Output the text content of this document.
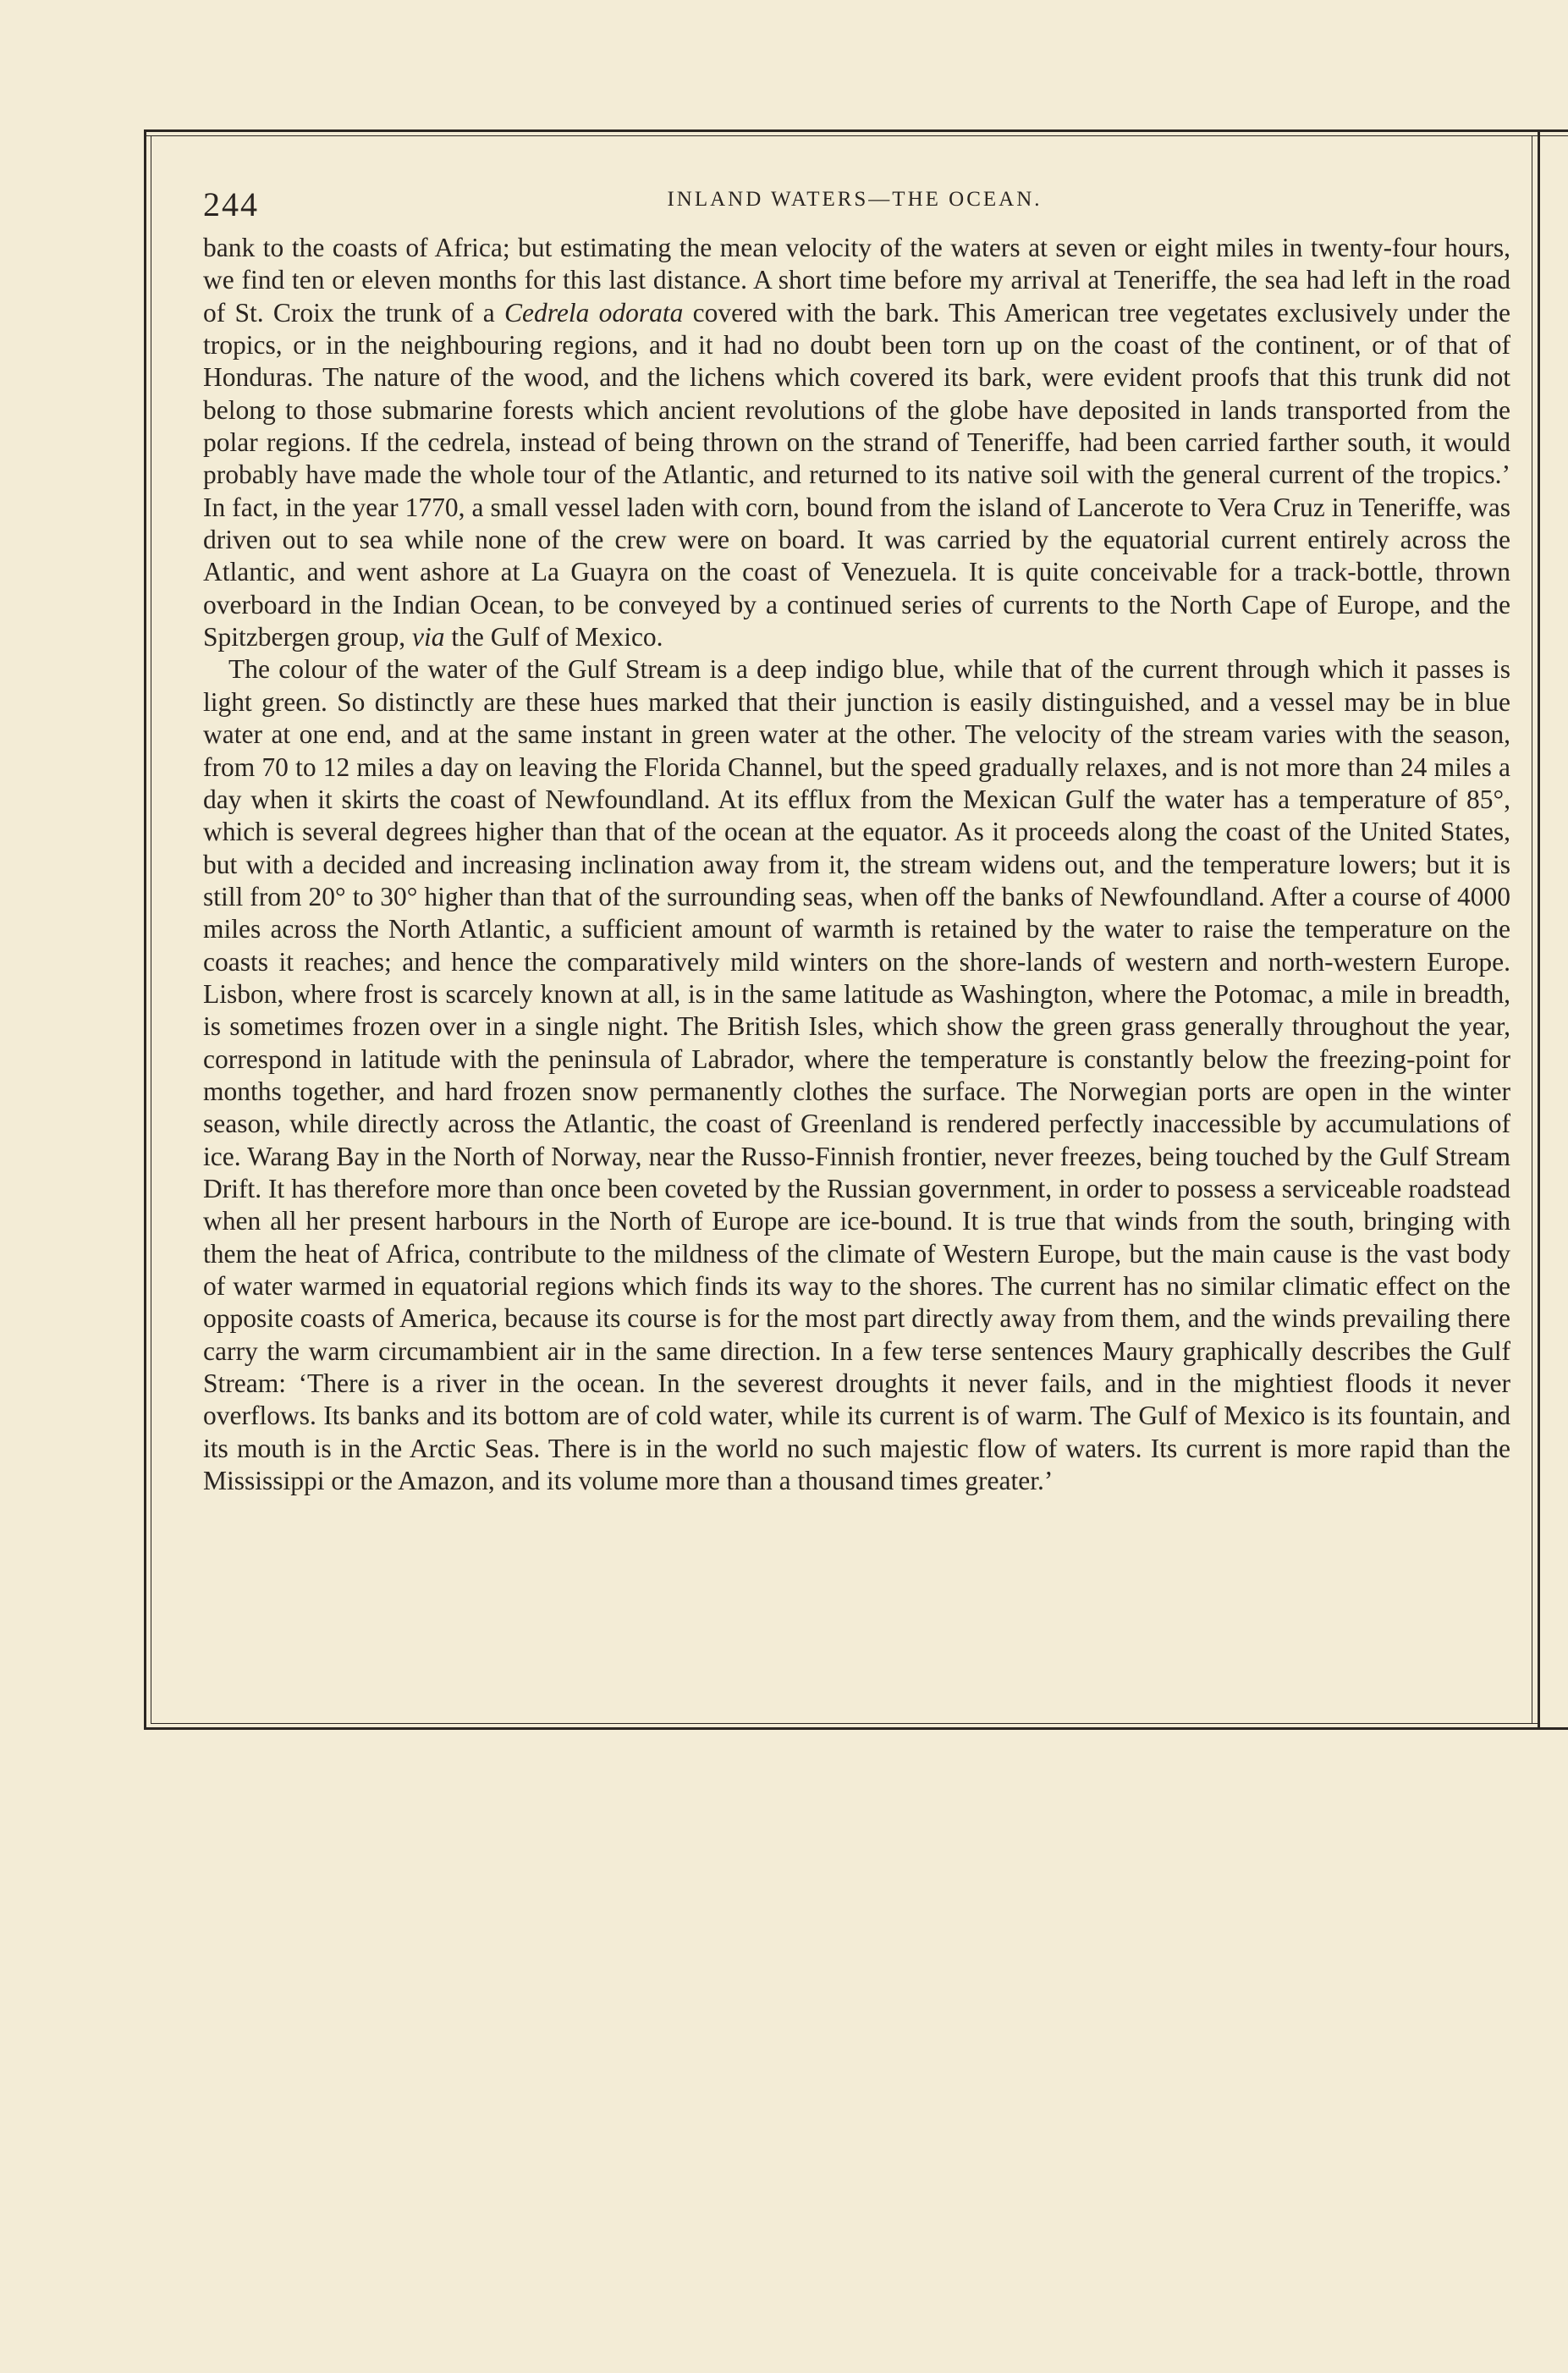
244	INLAND WATERS—THE OCEAN.

bank to the coasts of Africa; but estimating the mean velocity of the waters at seven or eight miles in twenty-four hours, we find ten or eleven months for this last distance. A short time before my arrival at Teneriffe, the sea had left in the road of St. Croix the trunk of a Cedrela odorata covered with the bark. This American tree vegetates exclusively under the tropics, or in the neighbouring regions, and it had no doubt been torn up on the coast of the continent, or of that of Honduras. The nature of the wood, and the lichens which covered its bark, were evident proofs that this trunk did not belong to those submarine forests which ancient revolutions of the globe have deposited in lands transported from the polar regions. If the cedrela, instead of being thrown on the strand of Teneriffe, had been carried farther south, it would probably have made the whole tour of the Atlantic, and returned to its native soil with the general current of the tropics.’ In fact, in the year 1770, a small vessel laden with corn, bound from the island of Lancerote to Vera Cruz in Teneriffe, was driven out to sea while none of the crew were on board. It was carried by the equatorial current entirely across the Atlantic, and went ashore at La Guayra on the coast of Venezuela. It is quite conceivable for a track-bottle, thrown overboard in the Indian Ocean, to be conveyed by a continued series of currents to the North Cape of Europe, and the Spitzbergen group, via the Gulf of Mexico.

The colour of the water of the Gulf Stream is a deep indigo blue, while that of the current through which it passes is light green. So distinctly are these hues marked that their junction is easily distinguished, and a vessel may be in blue water at one end, and at the same instant in green water at the other. The velocity of the stream varies with the season, from 70 to 12 miles a day on leaving the Florida Channel, but the speed gradually relaxes, and is not more than 24 miles a day when it skirts the coast of Newfoundland. At its efflux from the Mexican Gulf the water has a temperature of 85°, which is several degrees higher than that of the ocean at the equator. As it proceeds along the coast of the United States, but with a decided and increasing inclination away from it, the stream widens out, and the temperature lowers; but it is still from 20° to 30° higher than that of the surrounding seas, when off the banks of Newfoundland. After a course of 4000 miles across the North Atlantic, a sufficient amount of warmth is retained by the water to raise the temperature on the coasts it reaches; and hence the comparatively mild winters on the shore-lands of western and north-western Europe. Lisbon, where frost is scarcely known at all, is in the same latitude as Washington, where the Potomac, a mile in breadth, is sometimes frozen over in a single night. The British Isles, which show the green grass generally throughout the year, correspond in latitude with the peninsula of Labrador, where the temperature is constantly below the freezing-point for months together, and hard frozen snow permanently clothes the surface. The Norwegian ports are open in the winter season, while directly across the Atlantic, the coast of Greenland is rendered perfectly inaccessible by accumulations of ice. Warang Bay in the North of Norway, near the Russo-Finnish frontier, never freezes, being touched by the Gulf Stream Drift. It has therefore more than once been coveted by the Russian government, in order to possess a serviceable roadstead when all her present harbours in the North of Europe are ice-bound. It is true that winds from the south, bringing with them the heat of Africa, contribute to the mildness of the climate of Western Europe, but the main cause is the vast body of water warmed in equatorial regions which finds its way to the shores. The current has no similar climatic effect on the opposite coasts of America, because its course is for the most part directly away from them, and the winds prevailing there carry the warm circumambient air in the same direction. In a few terse sentences Maury graphically describes the Gulf Stream: ‘There is a river in the ocean. In the severest droughts it never fails, and in the mightiest floods it never overflows. Its banks and its bottom are of cold water, while its current is of warm. The Gulf of Mexico is its fountain, and its mouth is in the Arctic Seas. There is in the world no such majestic flow of waters. Its current is more rapid than the Mississippi or the Amazon, and its volume more than a thousand times greater.’
